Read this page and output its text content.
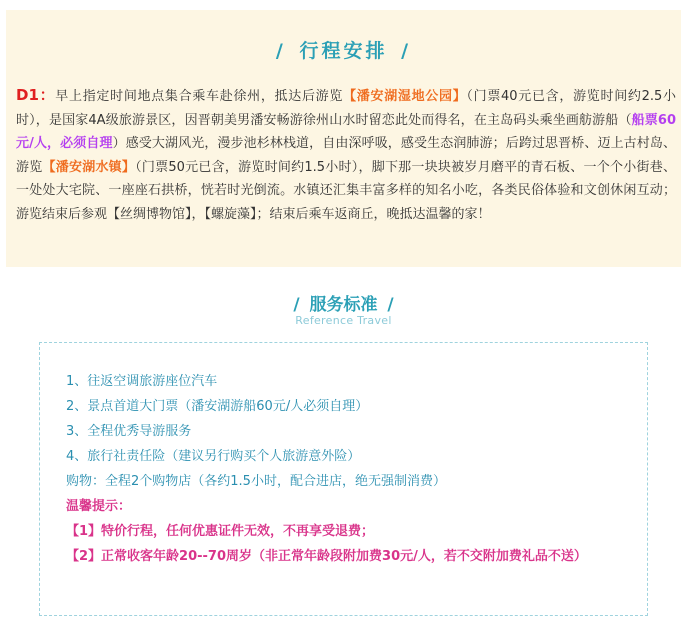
/ 行程安排 /
D1：早上指定时间地点集合乘车赴徐州，抵达后游览【潘安湖湿地公园】（门票40元已含，游览时间约2.5小时），是国家4A级旅游景区，因晋朝美男潘安畅游徐州山水时留恋此处而得名，在主岛码头乘坐画舫游船（船票60元/人，必须自理）感受大湖风光，漫步池杉林栈道，自由深呼吸，感受生态润肺游；后跨过思晋桥、迈上古村岛、游览【潘安湖水镇】（门票50元已含，游览时间约1.5小时），脚下那一块块被岁月磨平的青石板、一个个小街巷、一处处大宅院、一座座石拱桥，恍若时光倒流。水镇还汇集丰富多样的知名小吃，各类民俗体验和文创休闲互动；游览结束后参观【丝绸博物馆】，【螺旋藻】；结束后乘车返商丘，晚抵达温馨的家！
/ 服务标准 /
Reference Travel
1、往返空调旅游座位汽车
2、景点首道大门票（潘安湖游船60元/人必须自理）
3、全程优秀导游服务
4、旅行社责任险（建议另行购买个人旅游意外险）
购物：全程2个购物店（各约1.5小时，配合进店，绝无强制消费）
温馨提示：
【1】特价行程，任何优惠证件无效，不再享受退费；
【2】正常收客年龄20--70周岁（非正常年龄段附加费30元/人，若不交附加费礼品不送）
